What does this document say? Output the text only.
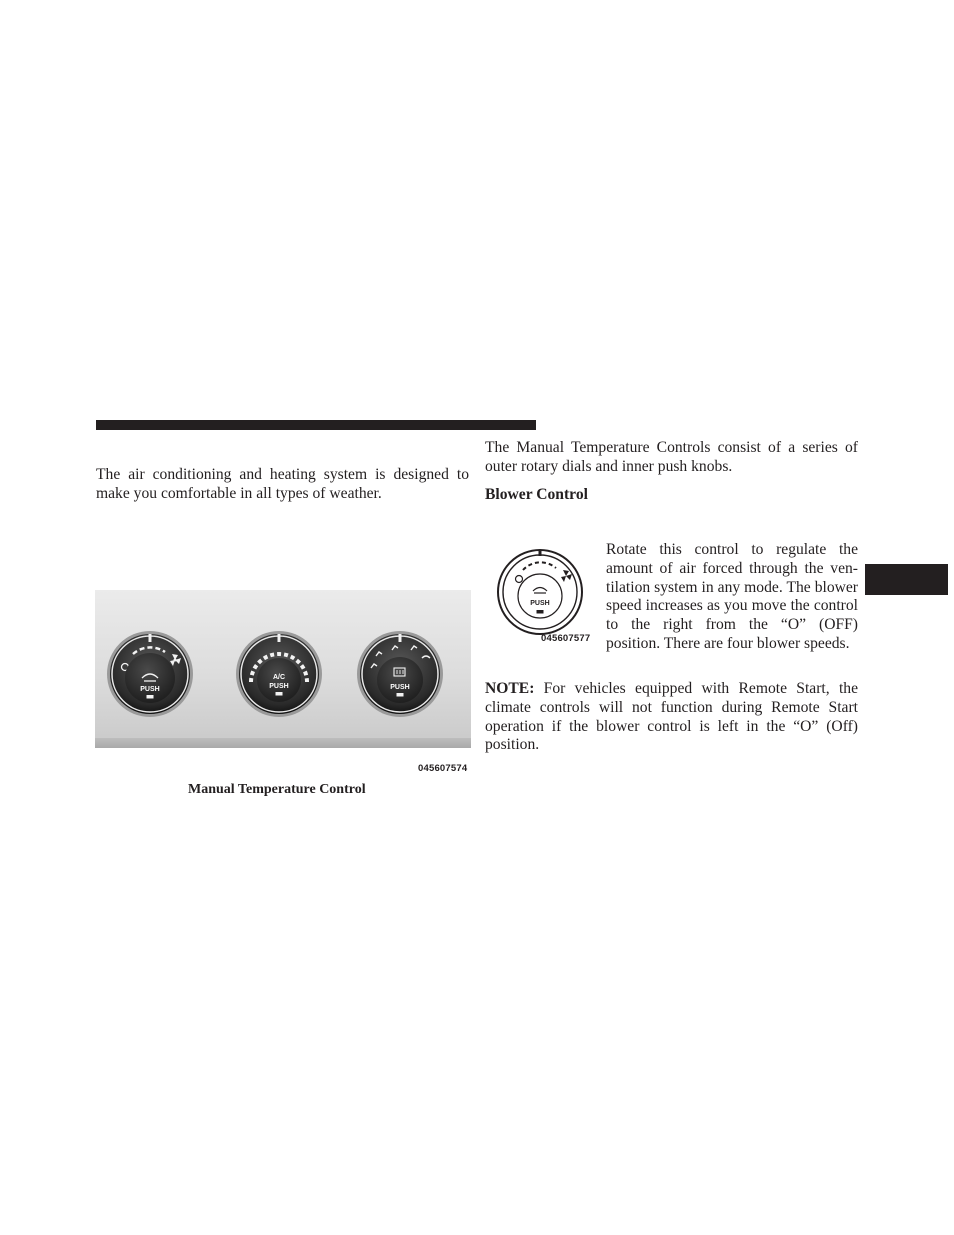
The air conditioning and heating system is designed to make you comfortable in all types of weather.

PUSH
A/C
PUSH	PUSH
045607574

Manual Temperature Control

The Manual Temperature Controls consist of a series of outer rotary dials and inner push knobs.

Blower Control

PUSH
045607577

Rotate this control to regulate the amount of air forced through the ven-tilation system in any mode. The blower speed increases as you move the control to the right from the “O” (OFF) position. There are four blower speeds.

NOTE: For vehicles equipped with Remote Start, the climate controls will not function during Remote Start operation if the blower control is left in the “O” (Off) position.
